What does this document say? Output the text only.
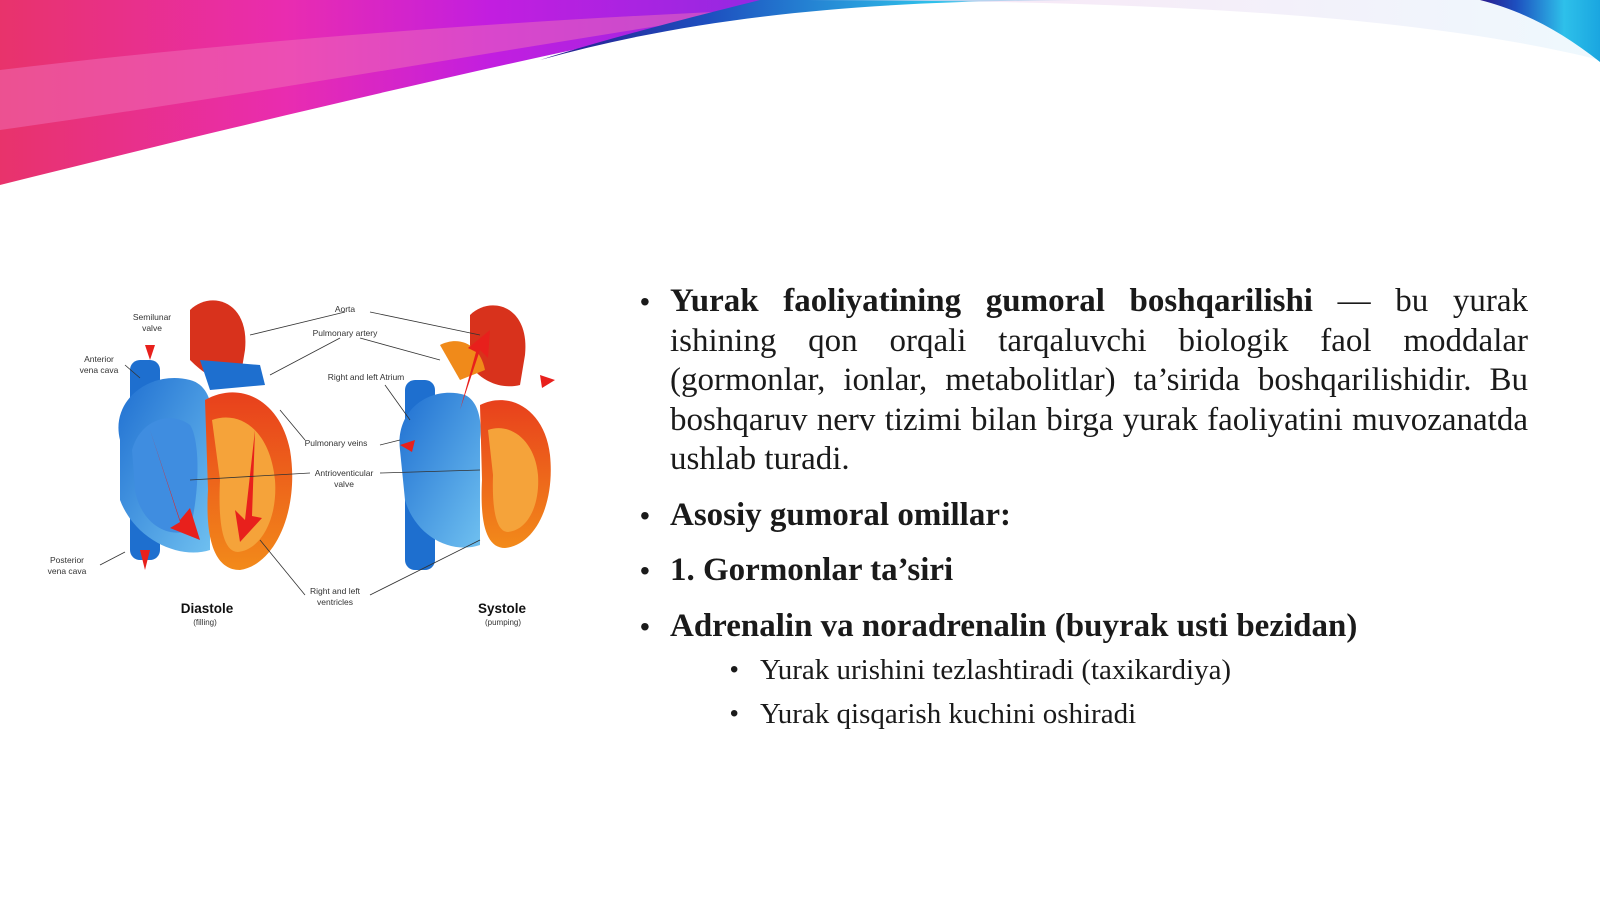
Semilunar valve
Aorta
Pulmonary artery
Anterior vena cava
Right and left Atrium
Pulmonary veins
Antrioventicular valve
Posterior vena cava
Right and left ventricles
Diastole
(filling)
Systole
(pumping)
• Yurak faoliyatining gumoral boshqarilishi — bu yurak ishining qon orqali tarqaluvchi biologik faol moddalar (gormonlar, ionlar, metabolitlar) ta’sirida boshqarilishidir. Bu boshqaruv nerv tizimi bilan birga yurak faoliyatini muvozanatda ushlab turadi.
• Asosiy gumoral omillar:
• 1. Gormonlar ta’siri
• Adrenalin va noradrenalin (buyrak usti bezidan)
• Yurak urishini tezlashtiradi (taxikardiya)
• Yurak qisqarish kuchini oshiradi
